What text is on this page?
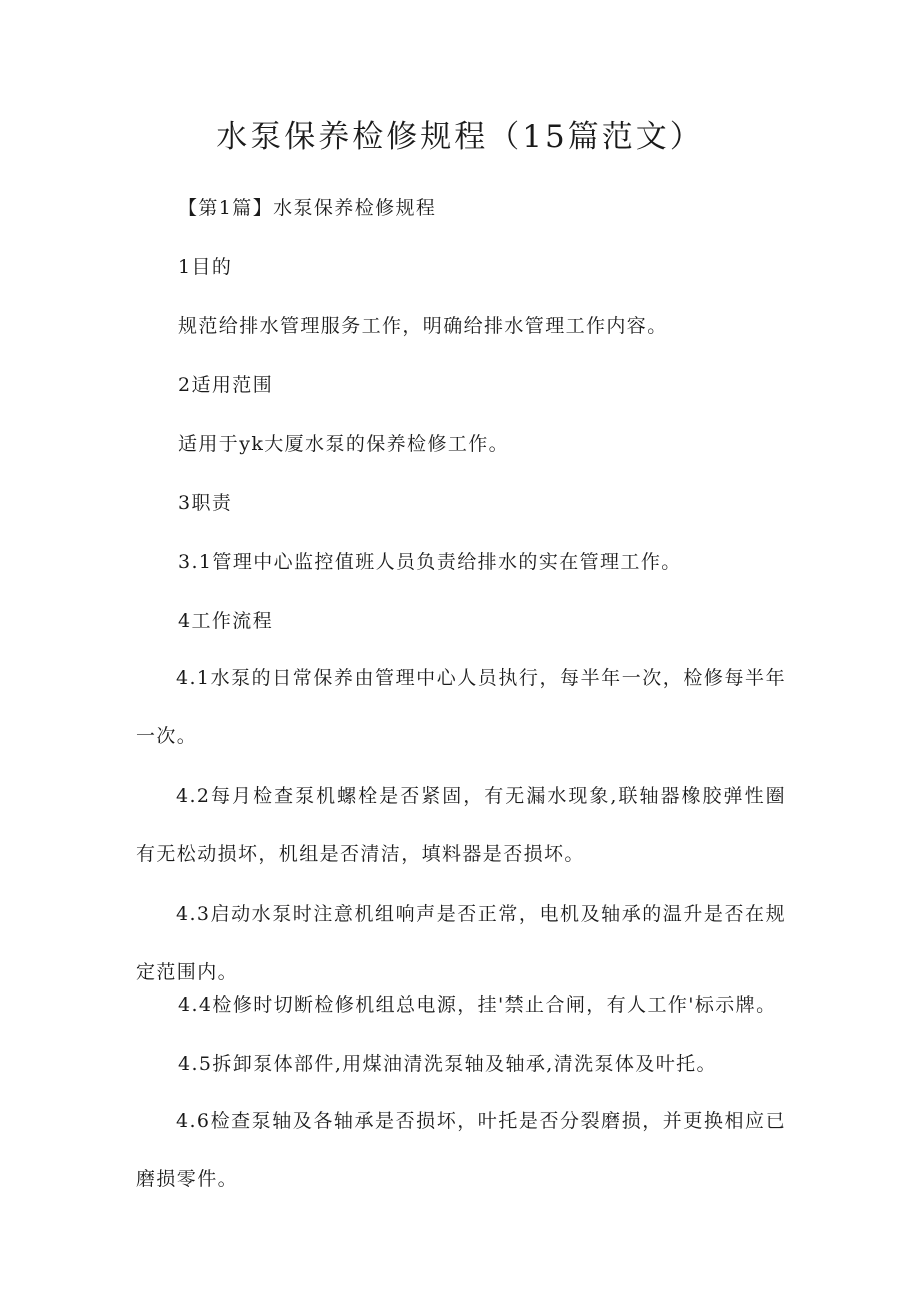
水泵保养检修规程（15篇范文）

【第1篇】水泵保养检修规程

1目的

规范给排水管理服务工作，明确给排水管理工作内容。

2适用范围

适用于yk大厦水泵的保养检修工作。

3职责

3.1管理中心监控值班人员负责给排水的实在管理工作。

4工作流程

4.1水泵的日常保养由管理中心人员执行，每半年一次，检修每半年一次。

4.2每月检查泵机螺栓是否紧固，有无漏水现象,联轴器橡胶弹性圈有无松动损坏，机组是否清洁，填料器是否损坏。

4.3启动水泵时注意机组响声是否正常，电机及轴承的温升是否在规定范围内。

4.4检修时切断检修机组总电源，挂'禁止合闸，有人工作'标示牌。

4.5拆卸泵体部件,用煤油清洗泵轴及轴承,清洗泵体及叶托。

4.6检查泵轴及各轴承是否损坏，叶托是否分裂磨损，并更换相应已磨损零件。
